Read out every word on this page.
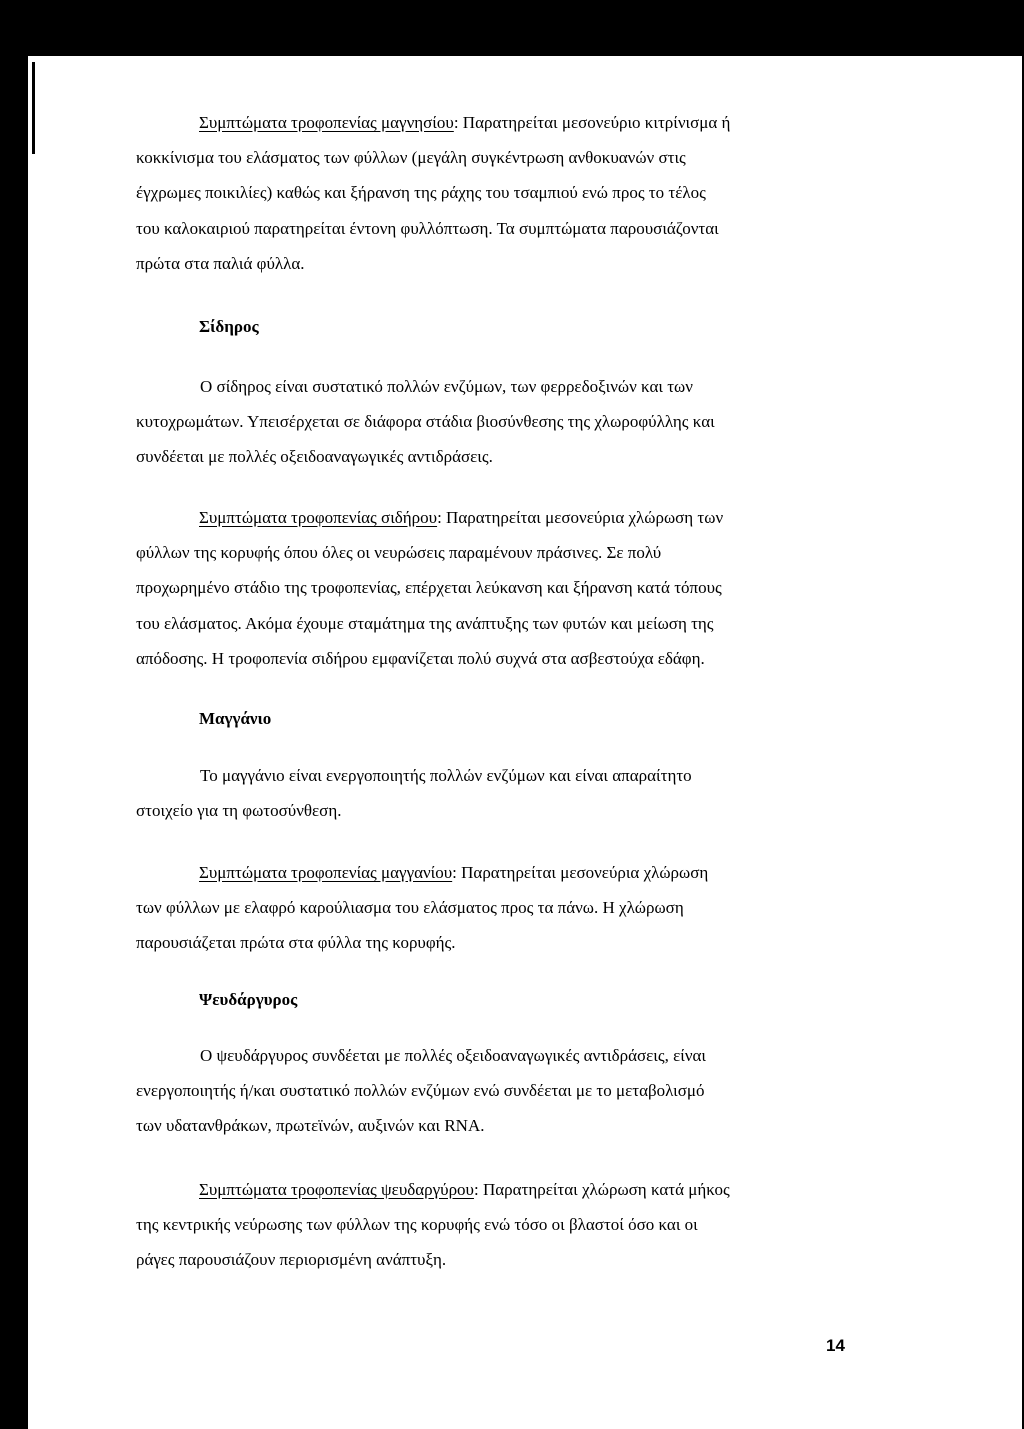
Συμπτώματα τροφοπενίας μαγνησίου: Παρατηρείται μεσονεύριο κιτρίνισμα ή
κοκκίνισμα του ελάσματος των φύλλων (μεγάλη συγκέντρωση ανθοκυανών στις
έγχρωμες ποικιλίες) καθώς και ξήρανση της ράχης του τσαμπιού ενώ προς το τέλος
του καλοκαιριού παρατηρείται έντονη φυλλόπτωση. Τα συμπτώματα παρουσιάζονται
πρώτα στα παλιά φύλλα.

Σίδηρος

Ο σίδηρος είναι συστατικό πολλών ενζύμων, των φερρεδοξινών και των
κυτοχρωμάτων. Υπεισέρχεται σε διάφορα στάδια βιοσύνθεσης της χλωροφύλλης και
συνδέεται με πολλές οξειδοαναγωγικές αντιδράσεις.

Συμπτώματα τροφοπενίας σιδήρου: Παρατηρείται μεσονεύρια χλώρωση των
φύλλων της κορυφής όπου όλες οι νευρώσεις παραμένουν πράσινες. Σε πολύ
προχωρημένο στάδιο της τροφοπενίας, επέρχεται λεύκανση και ξήρανση κατά τόπους
του ελάσματος. Ακόμα έχουμε σταμάτημα της ανάπτυξης των φυτών και μείωση της
απόδοσης. Η τροφοπενία σιδήρου εμφανίζεται πολύ συχνά στα ασβεστούχα εδάφη.

Μαγγάνιο

Το μαγγάνιο είναι ενεργοποιητής πολλών ενζύμων και είναι απαραίτητο
στοιχείο για τη φωτοσύνθεση.

Συμπτώματα τροφοπενίας μαγγανίου: Παρατηρείται μεσονεύρια χλώρωση
των φύλλων με ελαφρό καρούλιασμα του ελάσματος προς τα πάνω. Η χλώρωση
παρουσιάζεται πρώτα στα φύλλα της κορυφής.

Ψευδάργυρος

Ο ψευδάργυρος συνδέεται με πολλές οξειδοαναγωγικές αντιδράσεις, είναι
ενεργοποιητής ή/και συστατικό πολλών ενζύμων ενώ συνδέεται με το μεταβολισμό
των υδατανθράκων, πρωτεϊνών, αυξινών και RNA.

Συμπτώματα τροφοπενίας ψευδαργύρου: Παρατηρείται χλώρωση κατά μήκος
της κεντρικής νεύρωσης των φύλλων της κορυφής ενώ τόσο οι βλαστοί όσο και οι
ράγες παρουσιάζουν περιορισμένη ανάπτυξη.

14
